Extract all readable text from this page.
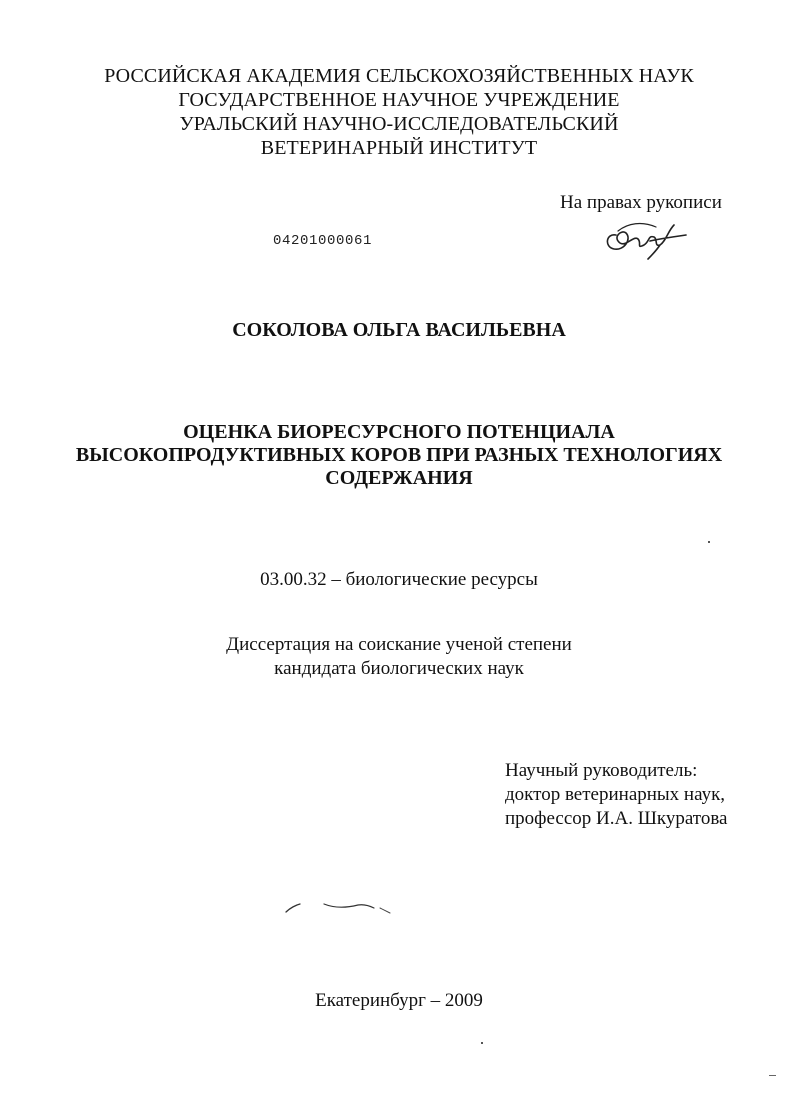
РОССИЙСКАЯ АКАДЕМИЯ СЕЛЬСКОХОЗЯЙСТВЕННЫХ НАУК
ГОСУДАРСТВЕННОЕ НАУЧНОЕ УЧРЕЖДЕНИЕ
УРАЛЬСКИЙ НАУЧНО-ИССЛЕДОВАТЕЛЬСКИЙ
ВЕТЕРИНАРНЫЙ ИНСТИТУТ
На правах рукописи
04201000061
СОКОЛОВА ОЛЬГА ВАСИЛЬЕВНА
ОЦЕНКА БИОРЕСУРСНОГО ПОТЕНЦИАЛА
ВЫСОКОПРОДУКТИВНЫХ КОРОВ ПРИ РАЗНЫХ ТЕХНОЛОГИЯХ
СОДЕРЖАНИЯ
03.00.32 – биологические ресурсы
Диссертация на соискание ученой степени
кандидата биологических наук
Научный руководитель:
доктор ветеринарных наук,
профессор И.А. Шкуратова
Екатеринбург – 2009
